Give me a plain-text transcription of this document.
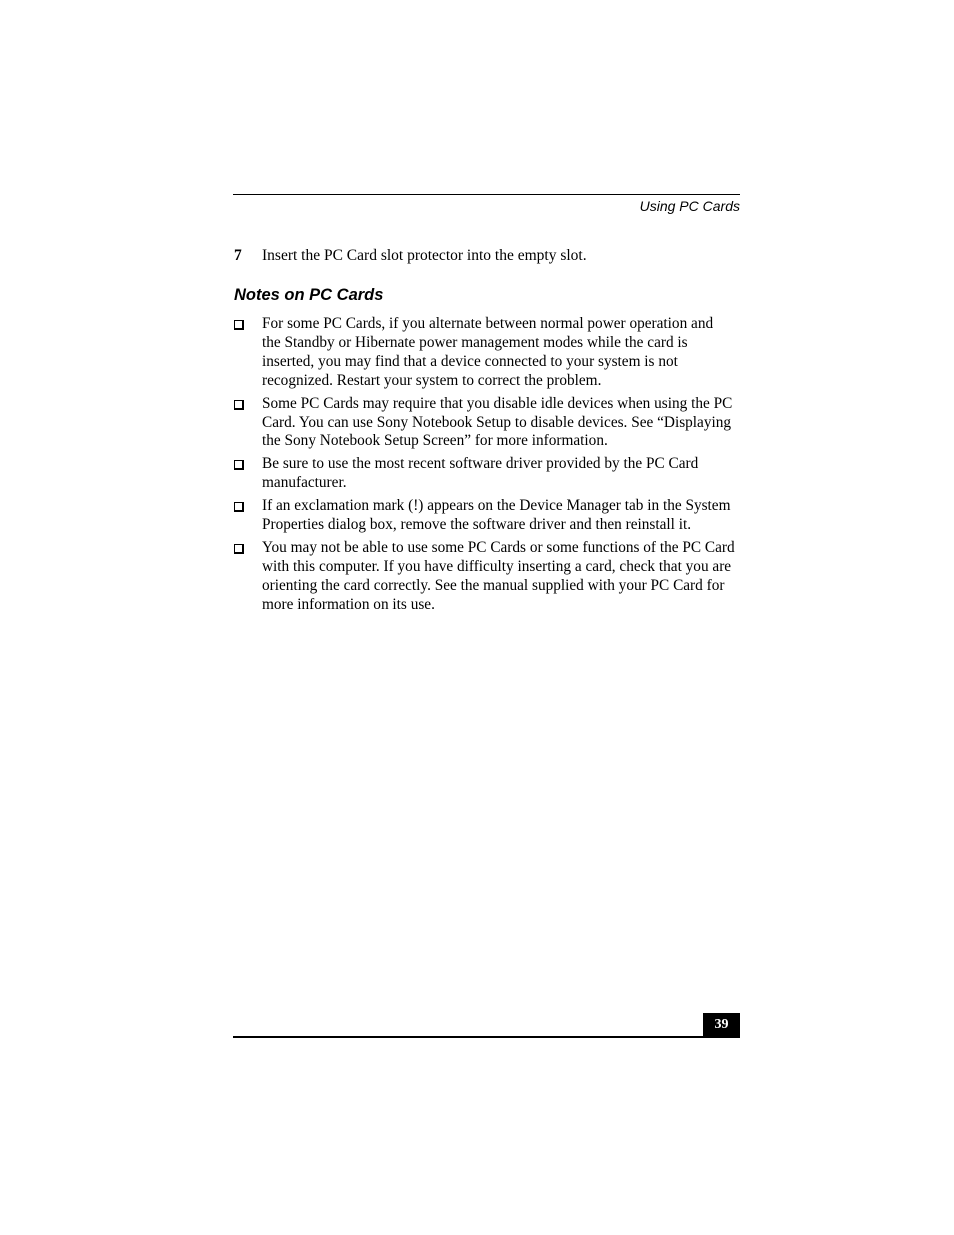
Using PC Cards
7 Insert the PC Card slot protector into the empty slot.
Notes on PC Cards
For some PC Cards, if you alternate between normal power operation and
the Standby or Hibernate power management modes while the card is
inserted, you may find that a device connected to your system is not
recognized. Restart your system to correct the problem.
Some PC Cards may require that you disable idle devices when using the PC
Card. You can use Sony Notebook Setup to disable devices. See “Displaying
the Sony Notebook Setup Screen” for more information.
Be sure to use the most recent software driver provided by the PC Card
manufacturer.
If an exclamation mark (!) appears on the Device Manager tab in the System
Properties dialog box, remove the software driver and then reinstall it.
You may not be able to use some PC Cards or some functions of the PC Card
with this computer. If you have difficulty inserting a card, check that you are
orienting the card correctly. See the manual supplied with your PC Card for
more information on its use.
39
